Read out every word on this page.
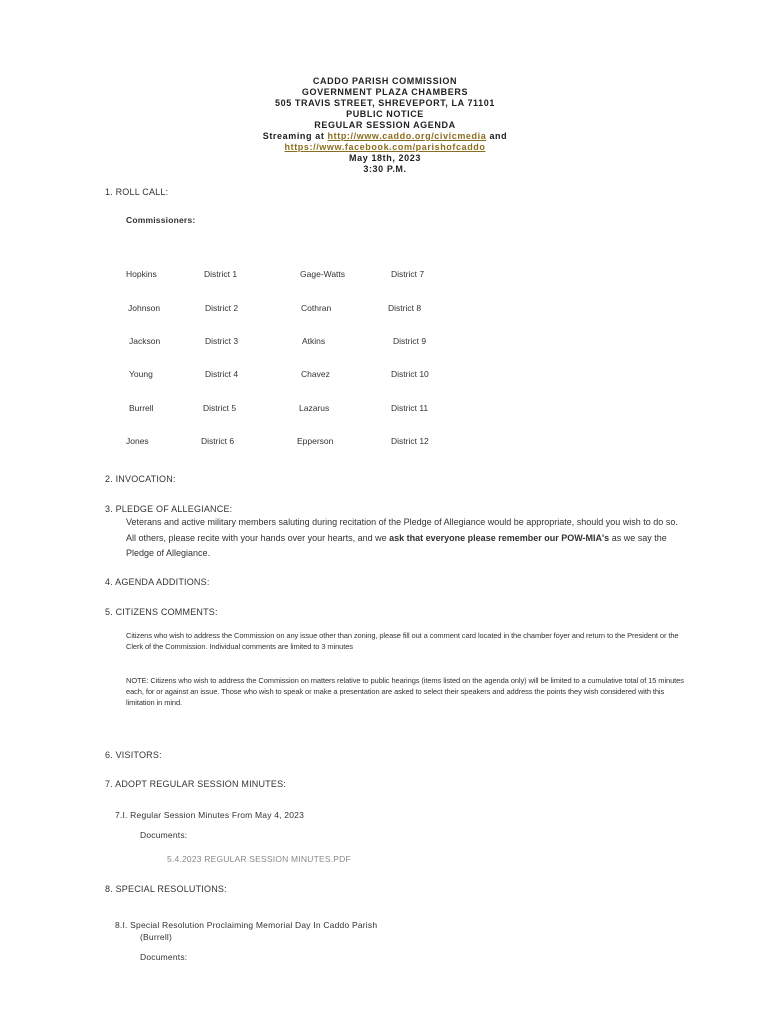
CADDO PARISH COMMISSION
GOVERNMENT PLAZA CHAMBERS
505 TRAVIS STREET, SHREVEPORT, LA 71101
PUBLIC NOTICE
REGULAR SESSION AGENDA
Streaming at http://www.caddo.org/civicmedia and
https://www.facebook.com/parishofcaddo
May 18th, 2023
3:30 P.M.
1. ROLL CALL:
Commissioners:
Hopkins	District 1	Gage-Watts	District 7
Johnson	District 2	Cothran	District 8
Jackson	District 3	Atkins	District 9
Young	District 4	Chavez	District 10
Burrell	District 5	Lazarus	District 11
Jones	District 6	Epperson	District 12
2. INVOCATION:
3. PLEDGE OF ALLEGIANCE:
Veterans and active military members saluting during recitation of the Pledge of Allegiance would be appropriate, should you wish to do so. All others, please recite with your hands over your hearts, and we ask that everyone please remember our POW-MIA's as we say the Pledge of Allegiance.
4. AGENDA ADDITIONS:
5. CITIZENS COMMENTS:
Citizens who wish to address the Commission on any issue other than zoning, please fill out a comment card located in the chamber foyer and return to the President or the Clerk of the Commission. Individual comments are limited to 3 minutes
NOTE: Citizens who wish to address the Commission on matters relative to public hearings (items listed on the agenda only) will be limited to a cumulative total of 15 minutes each, for or against an issue. Those who wish to speak or make a presentation are asked to select their speakers and address the points they wish considered with this limitation in mind.
6. VISITORS:
7. ADOPT REGULAR SESSION MINUTES:
7.I. Regular Session Minutes From May 4, 2023
Documents:
5.4.2023 REGULAR SESSION MINUTES.PDF
8. SPECIAL RESOLUTIONS:
8.I. Special Resolution Proclaiming Memorial Day In Caddo Parish
(Burrell)
Documents:
